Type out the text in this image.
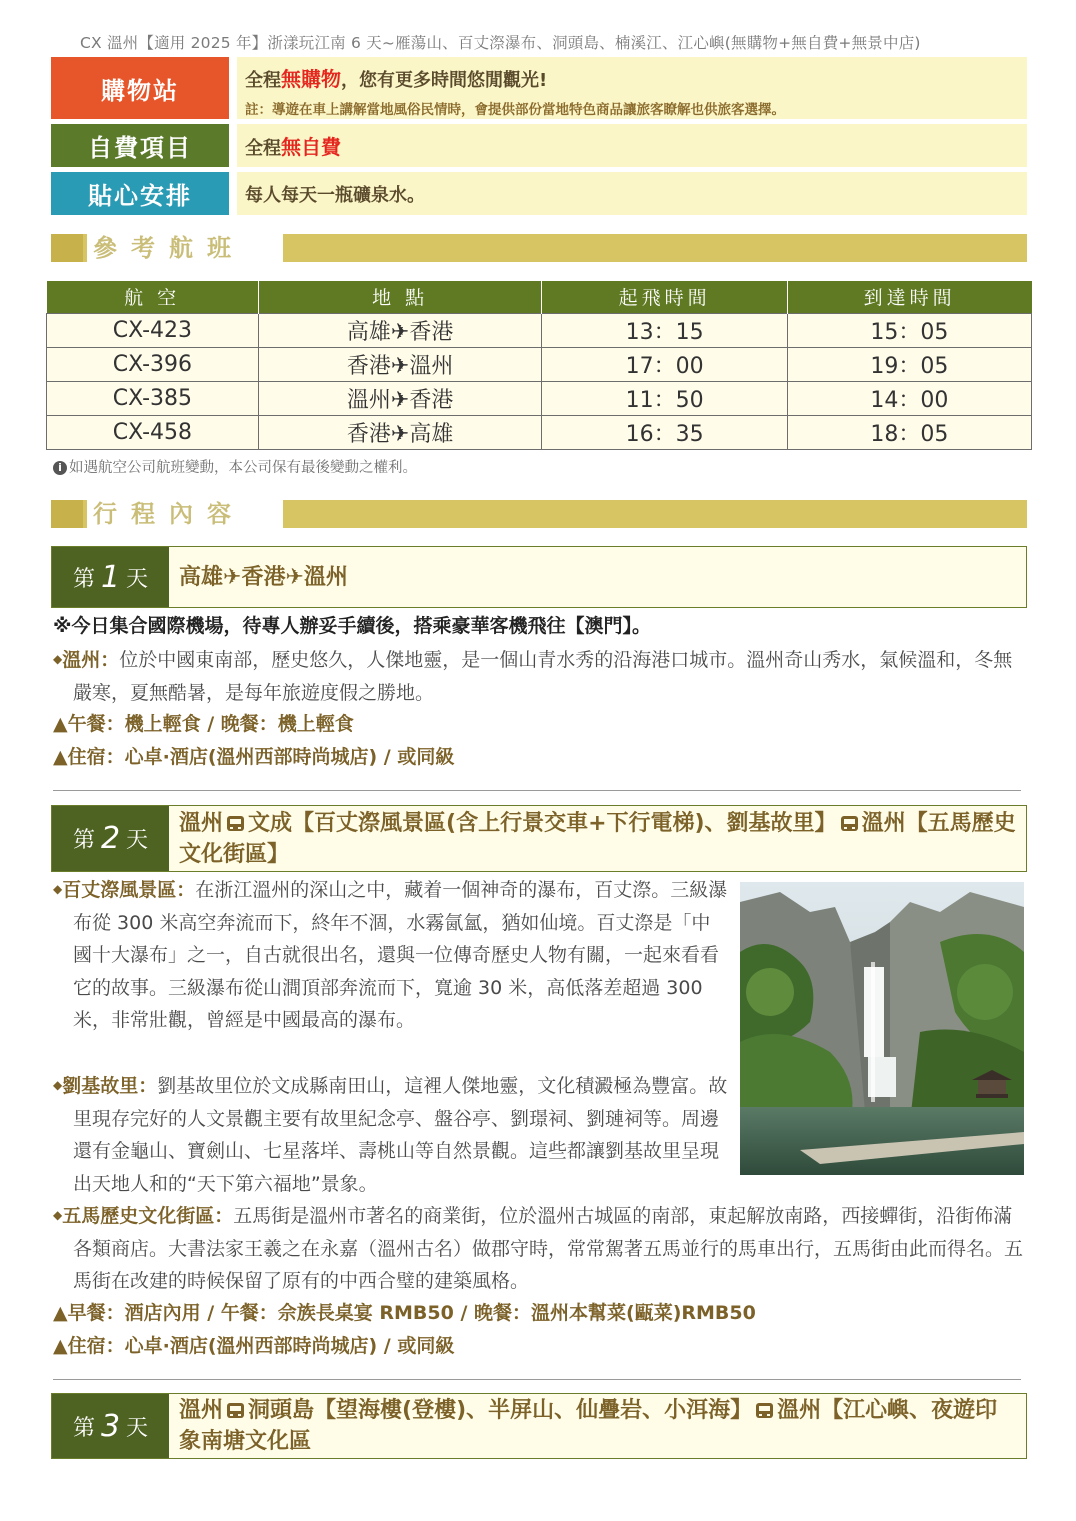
CX 溫州【適用 2025 年】浙漾玩江南 6 天~雁蕩山、百丈漈瀑布、洞頭島、楠溪江、江心嶼(無購物+無自費+無景中店)
購物站	全程無購物，您有更多時間悠閒觀光!
註：導遊在車上講解當地風俗民情時，會提供部份當地特色商品讓旅客瞭解也供旅客選擇。
自費項目	全程無自費
貼心安排	每人每天一瓶礦泉水。
參考航班
航 空	地 點	起飛時間	到達時間
CX-423	高雄✈香港	13：15	15：05
CX-396	香港✈溫州	17：00	19：05
CX-385	溫州✈香港	11：50	14：00
CX-458	香港✈高雄	16：35	18：05
i 如遇航空公司航班變動，本公司保有最後變動之權利。
行程內容
第 1 天 高雄 ✈ 香港 ✈ 溫州
※今日集合國際機場，待專人辦妥手續後，搭乘豪華客機飛往【澳門】。
◆溫州：位於中國東南部，歷史悠久，人傑地靈，是一個山青水秀的沿海港口城市。溫州奇山秀水，氣候溫和，冬無嚴寒，夏無酷暑，是每年旅遊度假之勝地。
▲午餐：機上輕食 / 晚餐：機上輕食
▲住宿：心卓·酒店(溫州西部時尚城店) / 或同級
第 2 天
溫州 文成【百丈漈風景區(含上行景交車+下行電梯)、劉基故里】 溫州【五馬歷史文化街區】
◆百丈漈風景區：在浙江溫州的深山之中，藏着一個神奇的瀑布，百丈漈。三級瀑布從 300 米高空奔流而下，終年不涸，水霧氤氳，猶如仙境。百丈漈是「中國十大瀑布」之一，自古就很出名，還與一位傳奇歷史人物有關，一起來看看它的故事。三級瀑布從山澗頂部奔流而下，寬逾 30 米，高低落差超過 300 米，非常壯觀，曾經是中國最高的瀑布。
◆劉基故里：劉基故里位於文成縣南田山，這裡人傑地靈，文化積澱極為豐富。故里現存完好的人文景觀主要有故里紀念亭、盤谷亭、劉璟祠、劉璉祠等。周邊還有金龜山、寶劍山、七星落垟、壽桃山等自然景觀。這些都讓劉基故里呈現出天地人和的“天下第六福地”景象。
◆五馬歷史文化街區：五馬街是溫州市著名的商業街，位於溫州古城區的南部，東起解放南路，西接蟬街，沿街佈滿各類商店。大書法家王羲之在永嘉（溫州古名）做郡守時，常常駕著五馬並行的馬車出行，五馬街由此而得名。五馬街在改建的時候保留了原有的中西合璧的建築風格。
▲早餐：酒店內用 / 午餐：佘族長桌宴 RMB50 / 晚餐：溫州本幫菜(甌菜)RMB50
▲住宿：心卓·酒店(溫州西部時尚城店) / 或同級
第 3 天
溫州 洞頭島【望海樓(登樓)、半屏山、仙疊岩、小洱海】 溫州【江心嶼、夜遊印象南塘文化區
